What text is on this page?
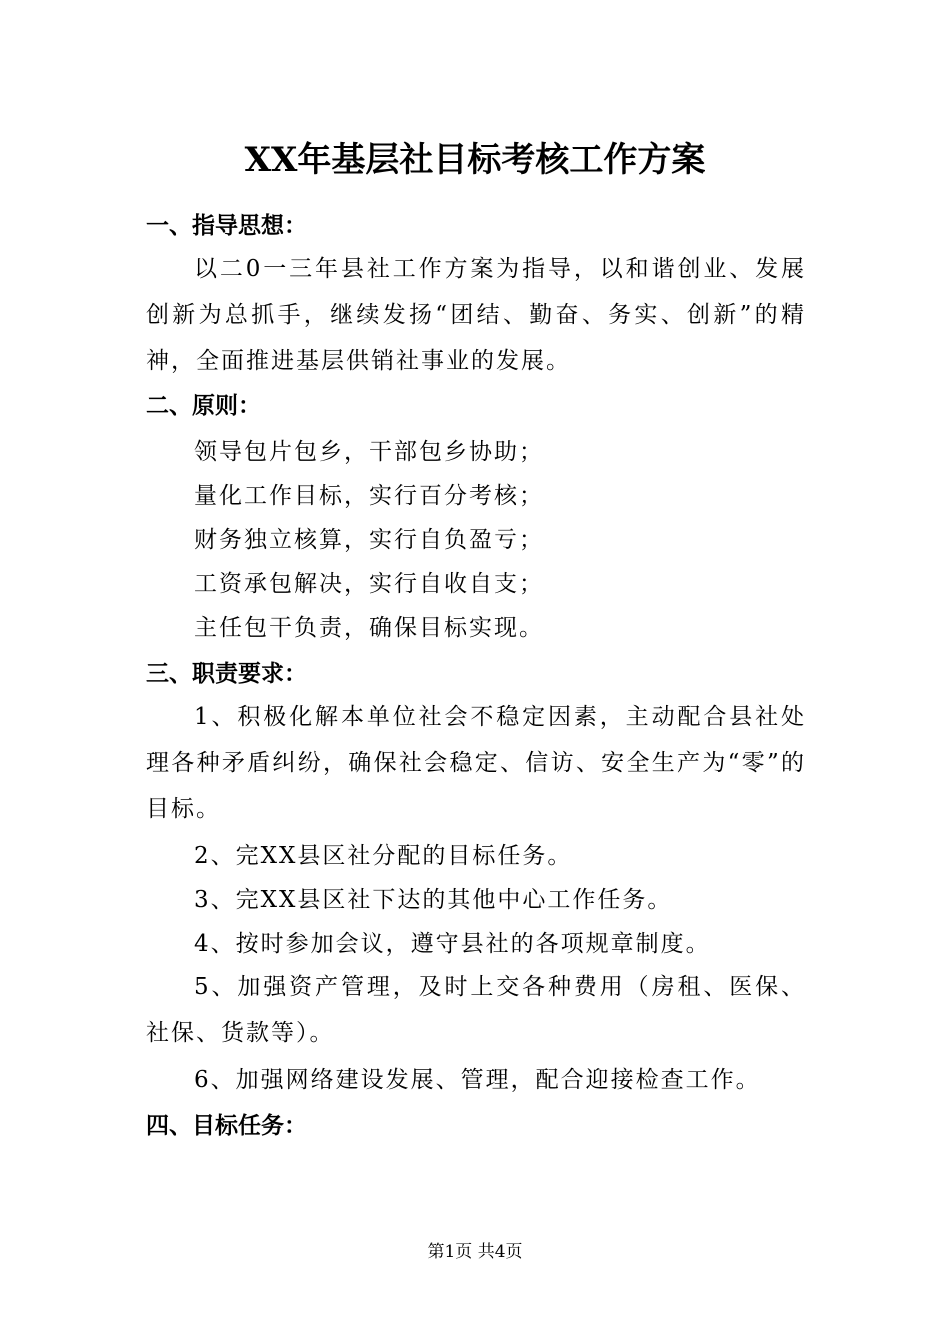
XX年基层社目标考核工作方案
一、指导思想：
以二0一三年县社工作方案为指导，以和谐创业、发展创新为总抓手，继续发扬“团结、勤奋、务实、创新”的精神，全面推进基层供销社事业的发展。
二、原则：
领导包片包乡，干部包乡协助；
量化工作目标，实行百分考核；
财务独立核算，实行自负盈亏；
工资承包解决，实行自收自支；
主任包干负责，确保目标实现。
三、职责要求：
1、积极化解本单位社会不稳定因素，主动配合县社处理各种矛盾纠纷，确保社会稳定、信访、安全生产为“零”的目标。
2、完XX县区社分配的目标任务。
3、完XX县区社下达的其他中心工作任务。
4、按时参加会议，遵守县社的各项规章制度。
5、加强资产管理，及时上交各种费用（房租、医保、社保、货款等）。
6、加强网络建设发展、管理，配合迎接检查工作。
四、目标任务：
第1页 共4页
